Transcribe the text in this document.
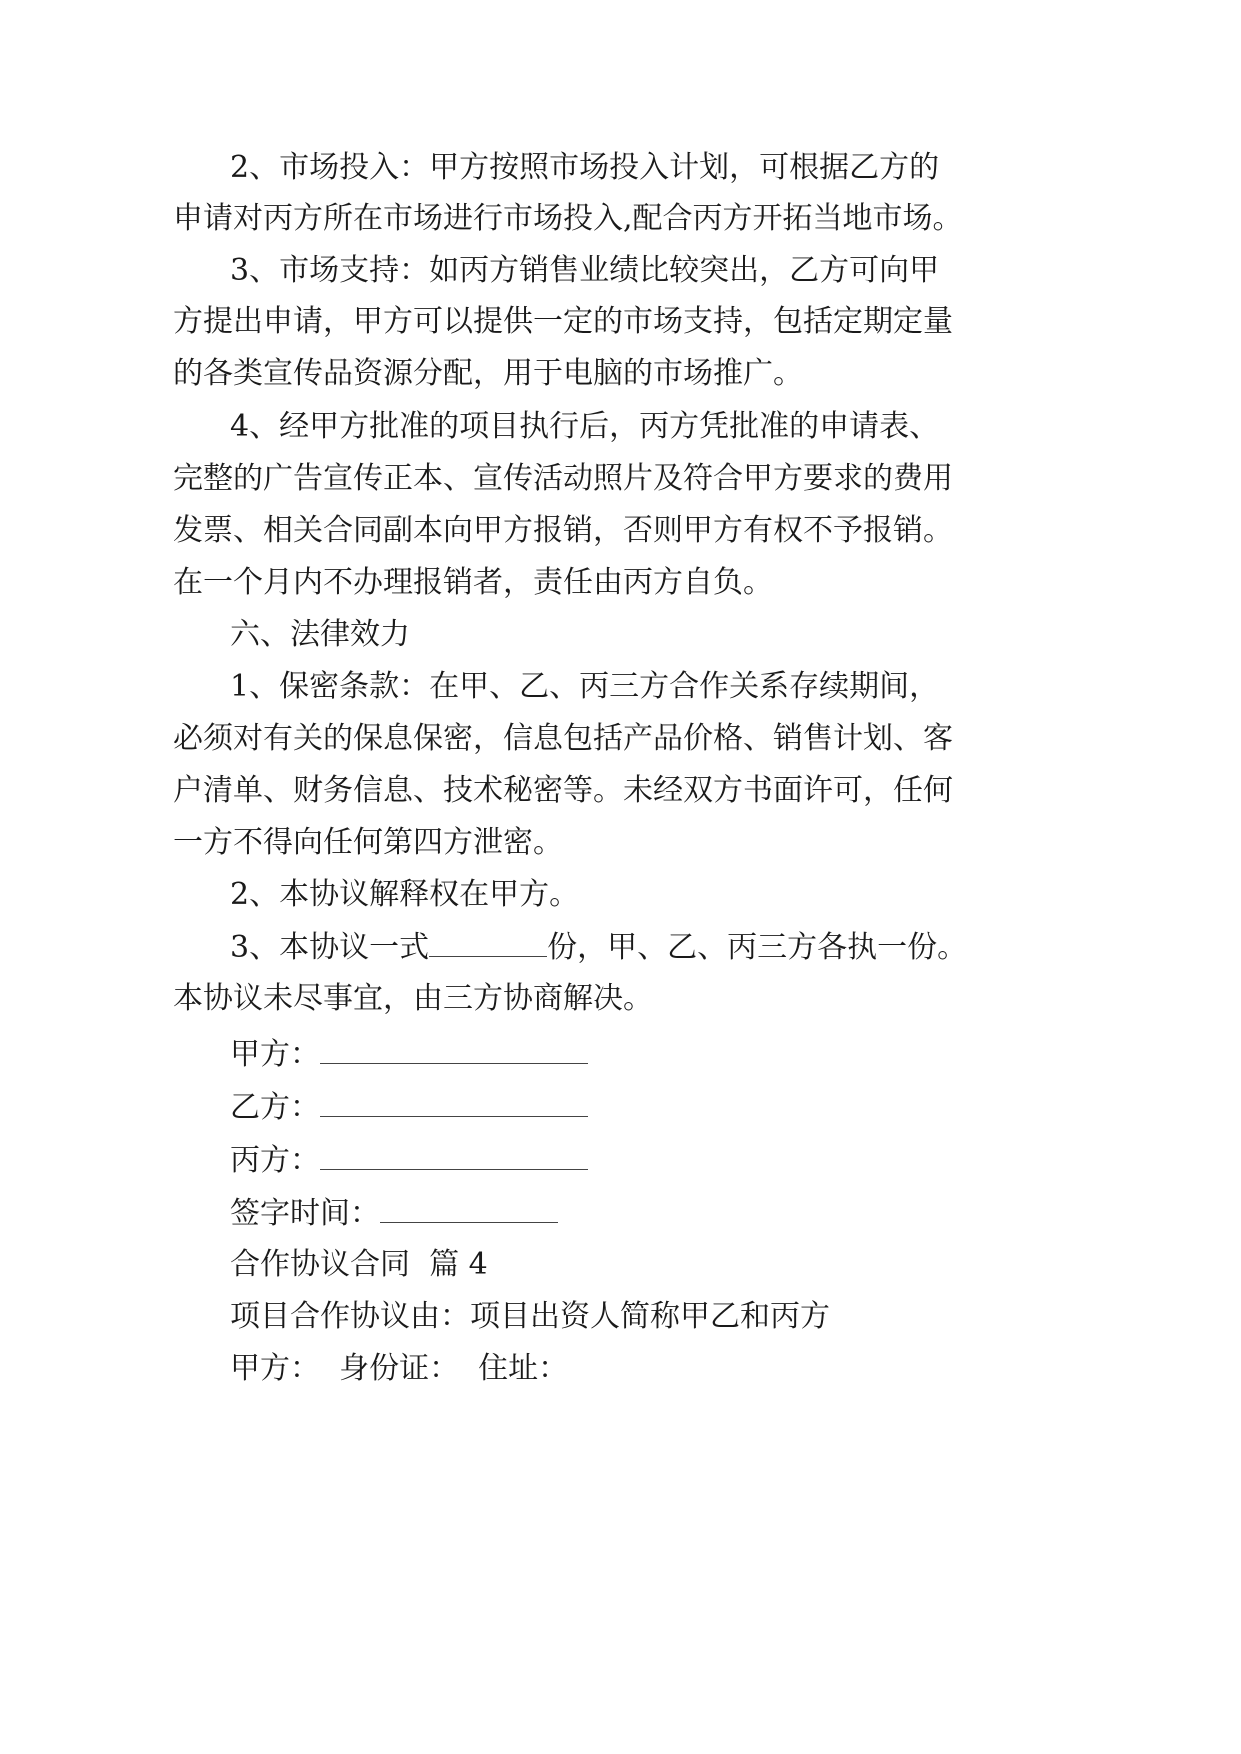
2、市场投入：甲方按照市场投入计划，可根据乙方的

申请对丙方所在市场进行市场投入,配合丙方开拓当地市场。

3、市场支持：如丙方销售业绩比较突出，乙方可向甲

方提出申请，甲方可以提供一定的市场支持，包括定期定量

的各类宣传品资源分配，用于电脑的市场推广。

4、经甲方批准的项目执行后，丙方凭批准的申请表、

完整的广告宣传正本、宣传活动照片及符合甲方要求的费用

发票、相关合同副本向甲方报销，否则甲方有权不予报销。

在一个月内不办理报销者，责任由丙方自负。

六、法律效力

1、保密条款：在甲、乙、丙三方合作关系存续期间，

必须对有关的保息保密，信息包括产品价格、销售计划、客

户清单、财务信息、技术秘密等。未经双方书面许可，任何

一方不得向任何第四方泄密。

2、本协议解释权在甲方。

3、本协议一式	份，甲、乙、丙三方各执一份。

本协议未尽事宜，由三方协商解决。

甲方：

乙方：

丙方：

签字时间：

合作协议合同  篇 4

项目合作协议由：项目出资人简称甲乙和丙方

甲方：  身份证：  住址：
